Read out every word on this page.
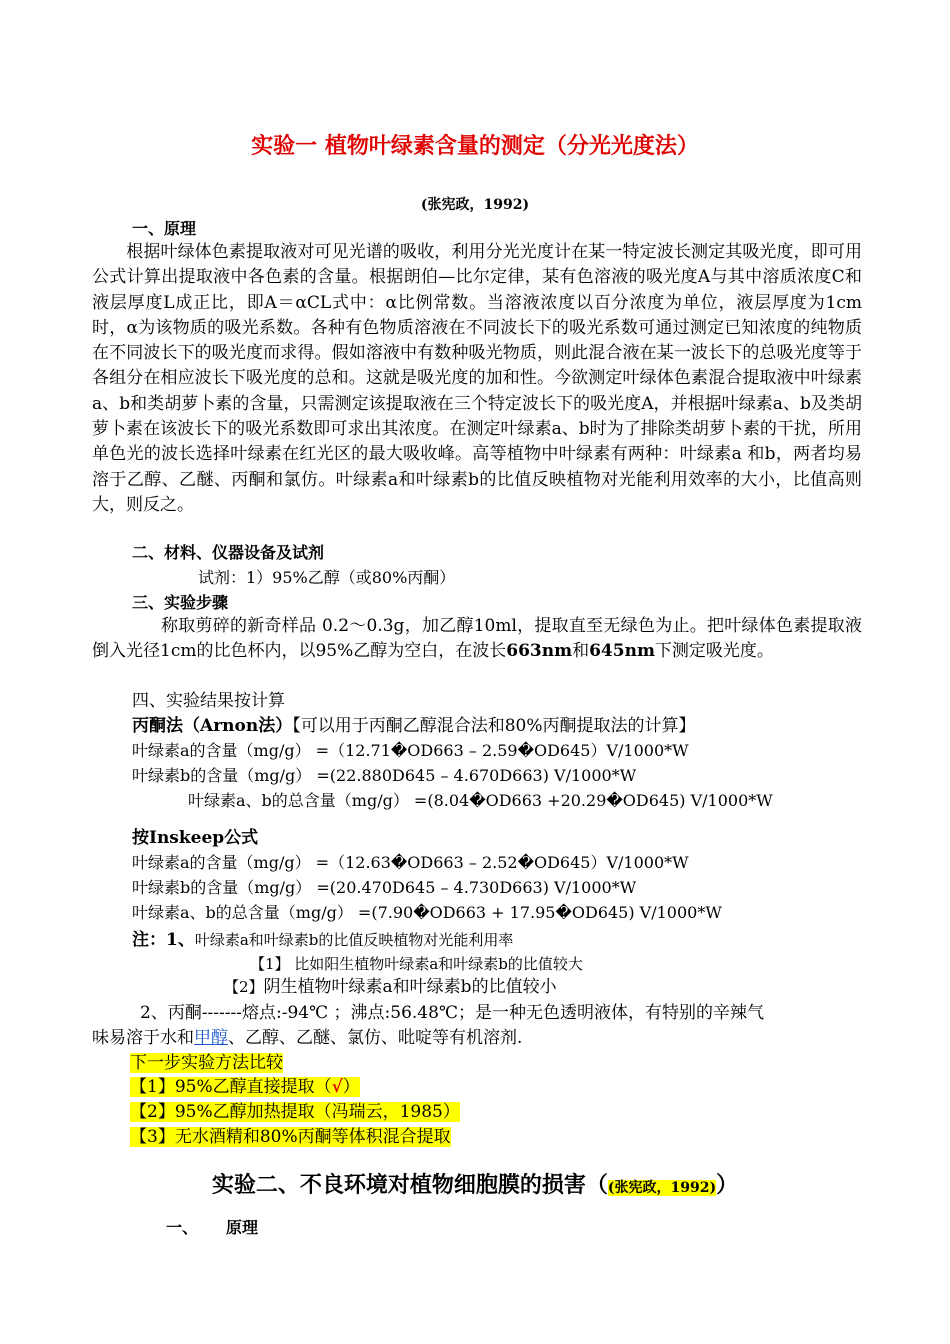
实验一 植物叶绿素含量的测定（分光光度法）
(张宪政，1992)
一、原理
　　根据叶绿体色素提取液对可见光谱的吸收，利用分光光度计在某一特定波长测定其吸光度，即可用公式计算出提取液中各色素的含量。根据朗伯—比尔定律，某有色溶液的吸光度A与其中溶质浓度C和液层厚度L成正比，即A＝αCL式中：α比例常数。当溶液浓度以百分浓度为单位，液层厚度为1cm时，α为该物质的吸光系数。各种有色物质溶液在不同波长下的吸光系数可通过测定已知浓度的纯物质在不同波长下的吸光度而求得。假如溶液中有数种吸光物质，则此混合液在某一波长下的总吸光度等于各组分在相应波长下吸光度的总和。这就是吸光度的加和性。今欲测定叶绿体色素混合提取液中叶绿素a、b和类胡萝卜素的含量，只需测定该提取液在三个特定波长下的吸光度A，并根据叶绿素a、b及类胡萝卜素在该波长下的吸光系数即可求出其浓度。在测定叶绿素a、b时为了排除类胡萝卜素的干扰，所用单色光的波长选择叶绿素在红光区的最大吸收峰。高等植物中叶绿素有两种：叶绿素a 和b，两者均易溶于乙醇、乙醚、丙酮和氯仿。叶绿素a和叶绿素b的比值反映植物对光能利用效率的大小，比值高则大，则反之。
二、材料、仪器设备及试剂
试剂：1）95%乙醇（或80%丙酮）
三、实验步骤
　　　　称取剪碎的新奇样品 0.2～0.3g，加乙醇10ml，提取直至无绿色为止。把叶绿体色素提取液倒入光径1cm的比色杯内，以95%乙醇为空白，在波长663nm和645nm下测定吸光度。
四、实验结果按计算
丙酮法（Arnon法）【可以用于丙酮乙醇混合法和80%丙酮提取法的计算】
叶绿素a的含量（mg/g） =（12.71�OD663 – 2.59�OD645）V/1000*W
叶绿素b的含量（mg/g） =(22.880D645 – 4.670D663) V/1000*W
叶绿素a、b的总含量（mg/g） =(8.04�OD663 +20.29�OD645) V/1000*W
按Inskeep公式
叶绿素a的含量（mg/g） =（12.63�OD663 – 2.52�OD645）V/1000*W
叶绿素b的含量（mg/g） =(20.470D645 – 4.730D663) V/1000*W
叶绿素a、b的总含量（mg/g） =(7.90�OD663 + 17.95�OD645) V/1000*W
注：1、叶绿素a和叶绿素b的比值反映植物对光能利用率
【1】 比如阳生植物叶绿素a和叶绿素b的比值较大
【2】阴生植物叶绿素a和叶绿素b的比值较小
2、丙酮-------熔点:-94℃ ；沸点:56.48℃；是一种无色透明液体，有特别的辛辣气
味易溶于水和甲醇、乙醇、乙醚、氯仿、吡啶等有机溶剂.
下一步实验方法比较
【1】95%乙醇直接提取（√）
【2】95%乙醇加热提取（冯瑞云，1985）
【3】无水酒精和80%丙酮等体积混合提取
实验二、不良环境对植物细胞膜的损害（(张宪政，1992)）
一、 原理
